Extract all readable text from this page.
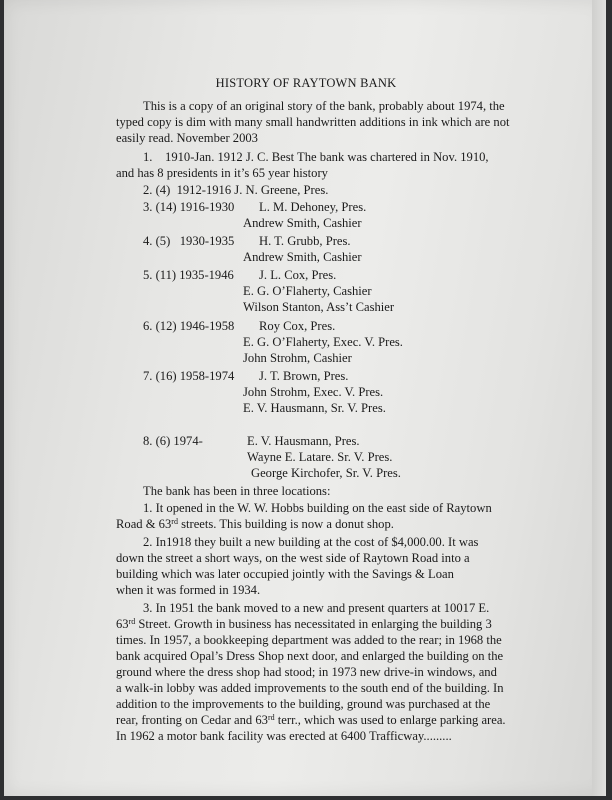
HISTORY OF RAYTOWN BANK
This is a copy of an original story of the bank, probably about 1974, the
typed copy is dim with many small handwritten additions in ink which are not
easily read. November 2003
1.    1910-Jan. 1912 J. C. Best The bank was chartered in Nov. 1910,
and has 8 presidents in it’s 65 year history
2. (4)  1912-1916 J. N. Greene, Pres.
3. (14) 1916-1930 L. M. Dehoney, Pres.
Andrew Smith, Cashier
4. (5)   1930-1935 H. T. Grubb, Pres.
Andrew Smith, Cashier
5. (11) 1935-1946 J. L. Cox, Pres.
E. G. O’Flaherty, Cashier
Wilson Stanton, Ass’t Cashier
6. (12) 1946-1958 Roy Cox, Pres.
E. G. O’Flaherty, Exec. V. Pres.
John Strohm, Cashier
7. (16) 1958-1974 J. T. Brown, Pres.
John Strohm, Exec. V. Pres.
E. V. Hausmann, Sr. V. Pres.
8. (6) 1974-	E. V. Hausmann, Pres.
Wayne E. Latare. Sr. V. Pres.
George Kirchofer, Sr. V. Pres.
The bank has been in three locations:
1. It opened in the W. W. Hobbs building on the east side of Raytown
Road & 63rd streets. This building is now a donut shop.
2. In1918 they built a new building at the cost of $4,000.00. It was
down the street a short ways, on the west side of Raytown Road into a
building which was later occupied jointly with the Savings & Loan
when it was formed in 1934.
3. In 1951 the bank moved to a new and present quarters at 10017 E.
63rd Street. Growth in business has necessitated in enlarging the building 3
times. In 1957, a bookkeeping department was added to the rear; in 1968 the
bank acquired Opal’s Dress Shop next door, and enlarged the building on the
ground where the dress shop had stood; in 1973 new drive-in windows, and
a walk-in lobby was added improvements to the south end of the building. In
addition to the improvements to the building, ground was purchased at the
rear, fronting on Cedar and 63rd terr., which was used to enlarge parking area.
In 1962 a motor bank facility was erected at 6400 Trafficway.........
